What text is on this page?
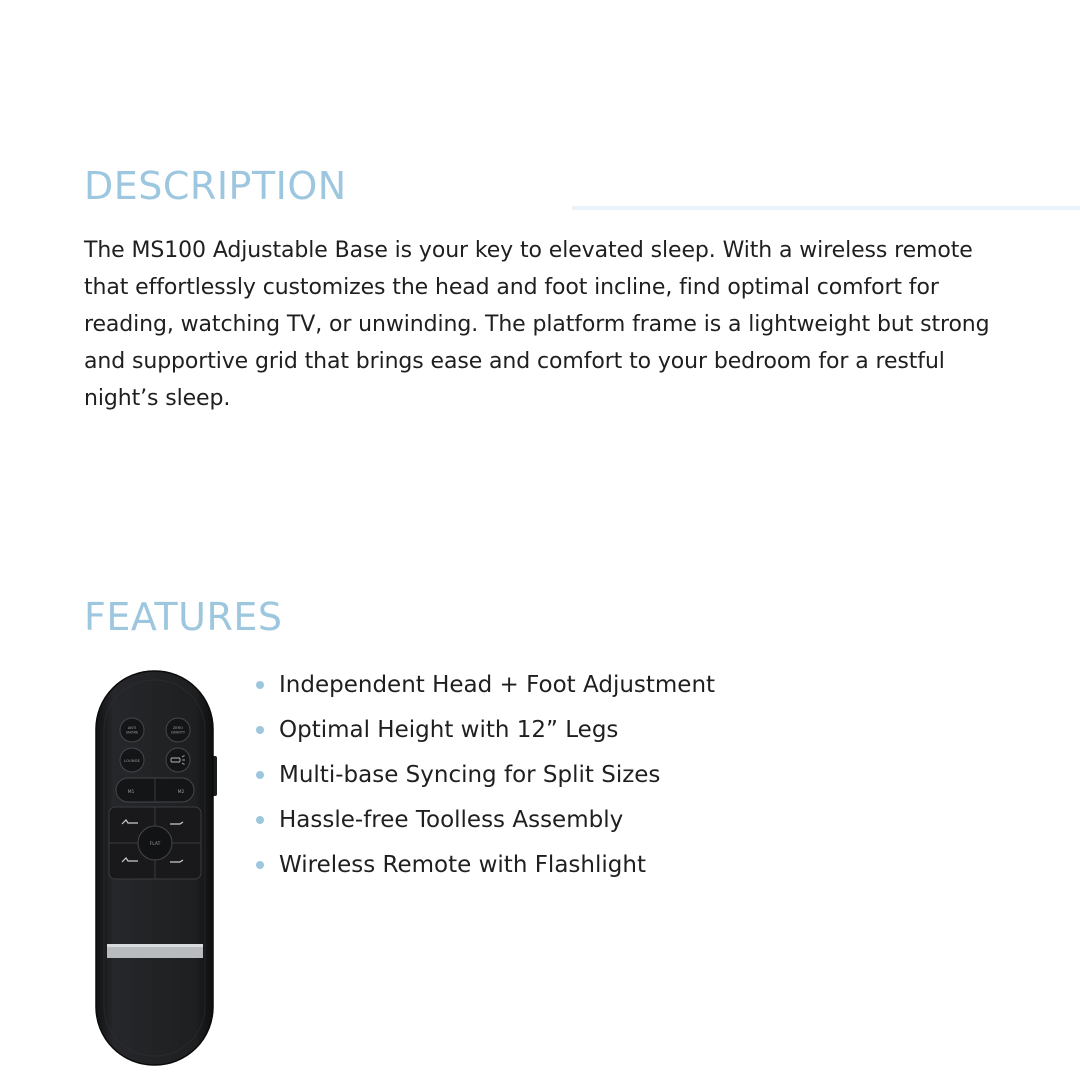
DESCRIPTION

The MS100 Adjustable Base is your key to elevated sleep. With a wireless remote that effortlessly customizes the head and foot incline, find optimal comfort for reading, watching TV, or unwinding. The platform frame is a lightweight but strong and supportive grid that brings ease and comfort to your bedroom for a restful night’s sleep.

FEATURES
ANTI
SNORE
ZERO
GRAVITY
LOUNGE
M1	M2
FLAT
Independent Head + Foot Adjustment
Optimal Height with 12” Legs
Multi-base Syncing for Split Sizes
Hassle-free Toolless Assembly
Wireless Remote with Flashlight
